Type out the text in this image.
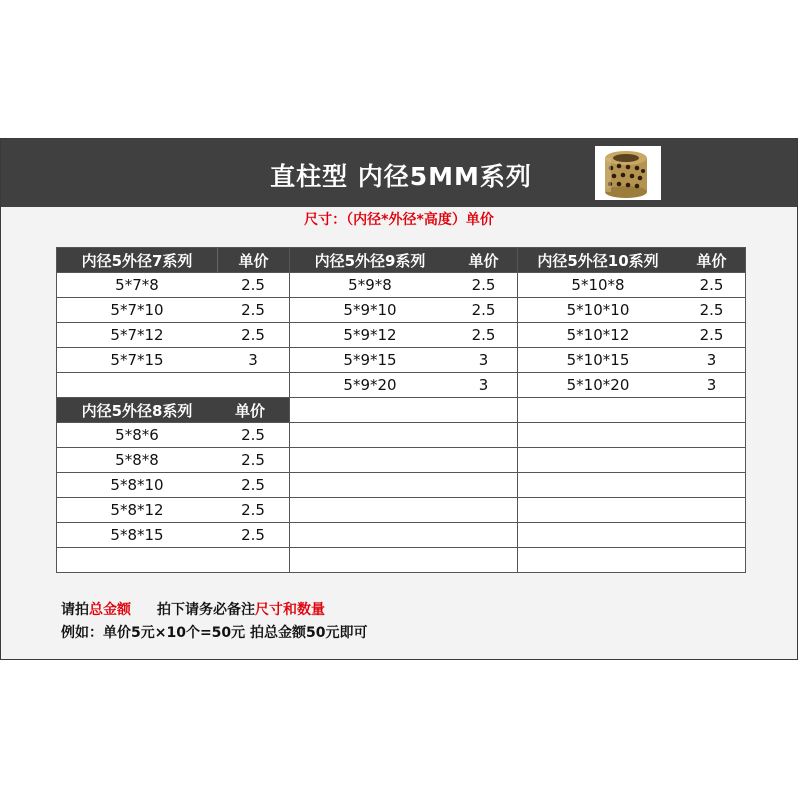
直柱型 内径5MM系列
尺寸：（内径*外径*高度）单价
内径5外径7系列	单价
5*7*8	2.5
5*7*10	2.5
5*7*12	2.5
5*7*15	3
内径5外径8系列	单价
5*8*6	2.5
5*8*8	2.5
5*8*10	2.5
5*8*12	2.5
5*8*15	2.5
内径5外径9系列	单价
5*9*8	2.5
5*9*10	2.5
5*9*12	2.5
5*9*15	3
5*9*20	3
内径5外径10系列	单价
5*10*8	2.5
5*10*10	2.5
5*10*12	2.5
5*10*15	3
5*10*20	3
请拍总金额 拍下请务必备注尺寸和数量
例如：单价5元×10个=50元 拍总金额50元即可
